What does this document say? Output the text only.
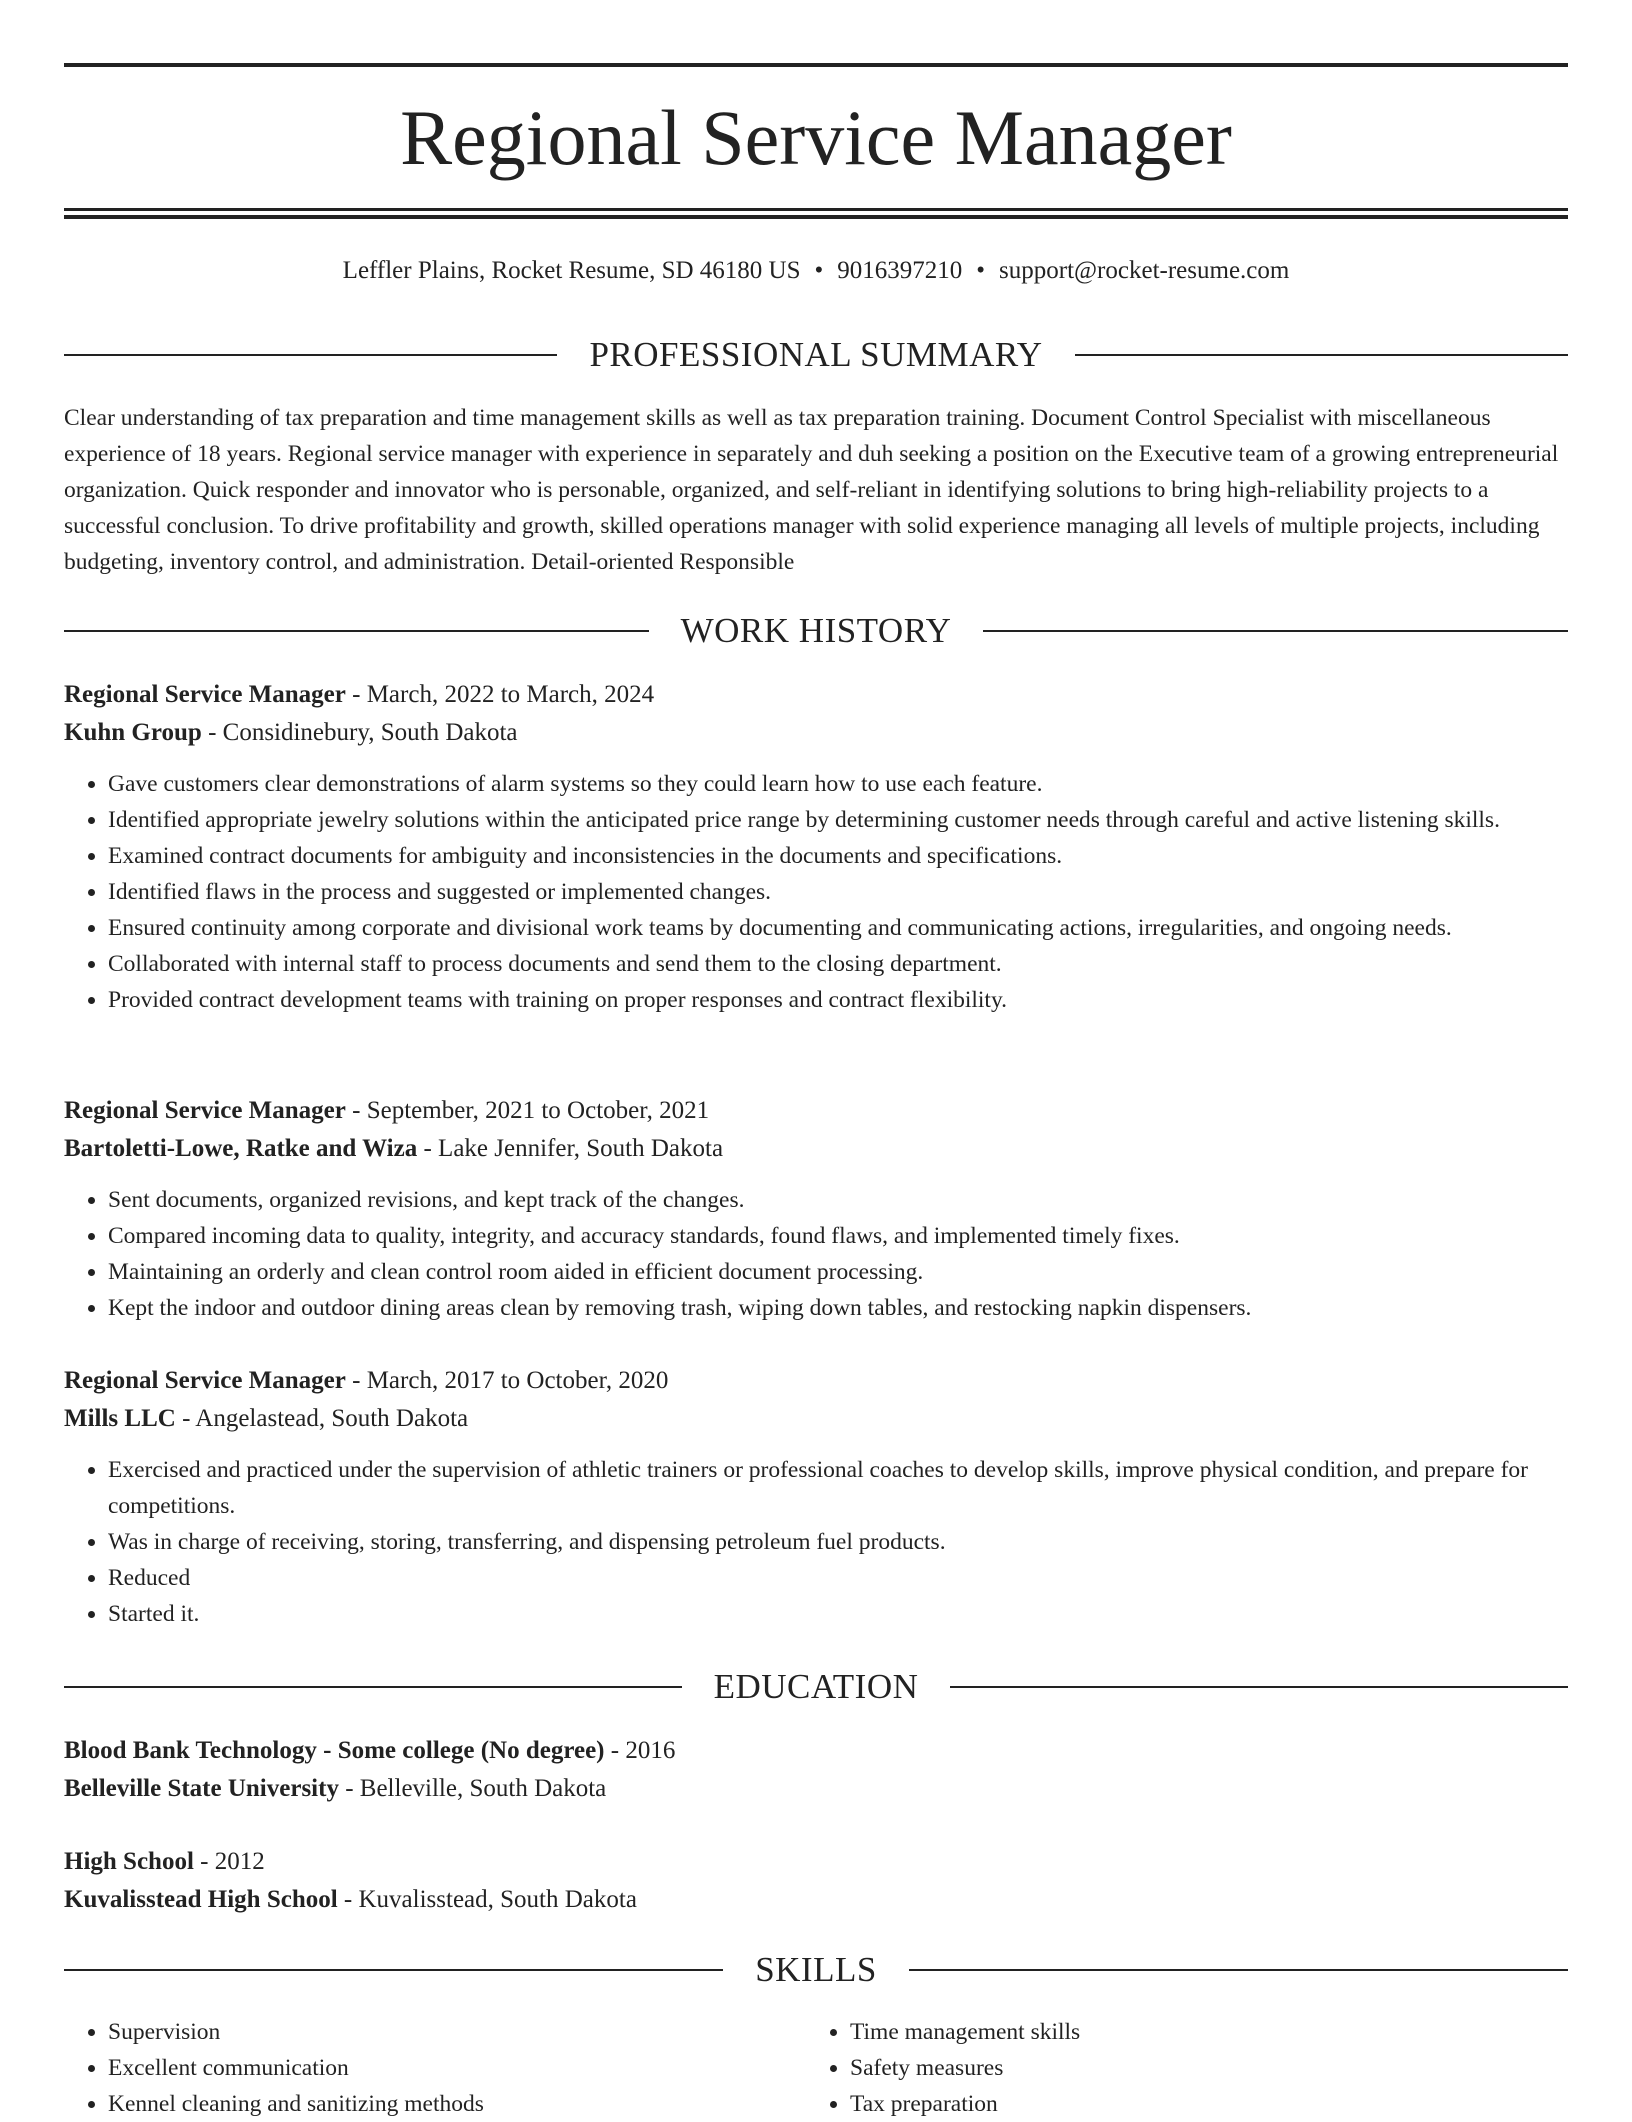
Regional Service Manager
Leffler Plains, Rocket Resume, SD 46180 US • 9016397210 • support@rocket-resume.com
PROFESSIONAL SUMMARY

Clear understanding of tax preparation and time management skills as well as tax preparation training. Document Control Specialist with miscellaneous experience of 18 years. Regional service manager with experience in separately and duh seeking a position on the Executive team of a growing entrepreneurial organization. Quick responder and innovator who is personable, organized, and self-reliant in identifying solutions to bring high-reliability projects to a successful conclusion. To drive profitability and growth, skilled operations manager with solid experience managing all levels of multiple projects, including budgeting, inventory control, and administration. Detail-oriented Responsible

WORK HISTORY

Regional Service Manager - March, 2022 to March, 2024

Kuhn Group - Considinebury, South Dakota

• Gave customers clear demonstrations of alarm systems so they could learn how to use each feature.
• Identified appropriate jewelry solutions within the anticipated price range by determining customer needs through careful and active listening skills.
• Examined contract documents for ambiguity and inconsistencies in the documents and specifications.
• Identified flaws in the process and suggested or implemented changes.
• Ensured continuity among corporate and divisional work teams by documenting and communicating actions, irregularities, and ongoing needs.
• Collaborated with internal staff to process documents and send them to the closing department.
• Provided contract development teams with training on proper responses and contract flexibility.

Regional Service Manager - September, 2021 to October, 2021

Bartoletti-Lowe, Ratke and Wiza - Lake Jennifer, South Dakota

• Sent documents, organized revisions, and kept track of the changes.
• Compared incoming data to quality, integrity, and accuracy standards, found flaws, and implemented timely fixes.
• Maintaining an orderly and clean control room aided in efficient document processing.
• Kept the indoor and outdoor dining areas clean by removing trash, wiping down tables, and restocking napkin dispensers.

Regional Service Manager - March, 2017 to October, 2020

Mills LLC - Angelastead, South Dakota

• Exercised and practiced under the supervision of athletic trainers or professional coaches to develop skills, improve physical condition, and prepare for competitions.
• Was in charge of receiving, storing, transferring, and dispensing petroleum fuel products.
• Reduced
• Started it.
EDUCATION

Blood Bank Technology - Some college (No degree) - 2016

Belleville State University - Belleville, South Dakota

High School - 2012

Kuvalisstead High School - Kuvalisstead, South Dakota

SKILLS
• Supervision
• Excellent communication
• Kennel cleaning and sanitizing methods
• Time management skills
• Safety measures
• Tax preparation
